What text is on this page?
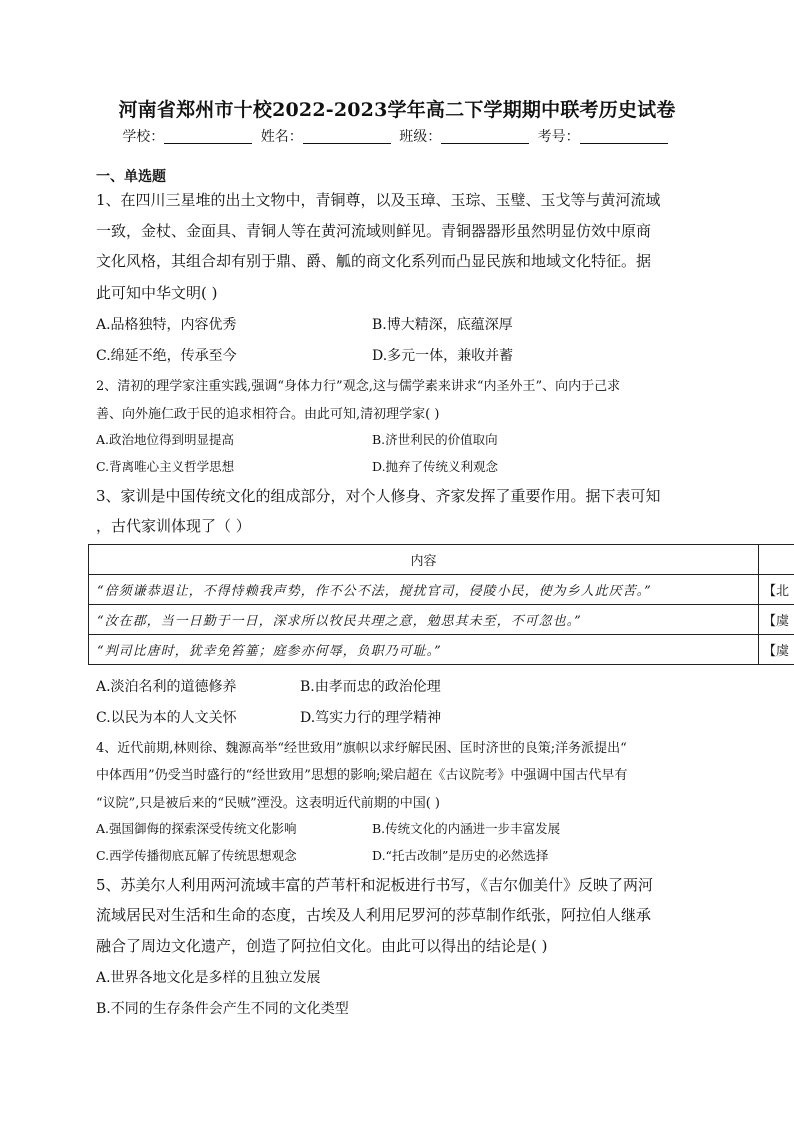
河南省郑州市十校2022-2023学年高二下学期期中联考历史试卷
学校：	姓名：	班级：	考号：
一、单选题
1、在四川三星堆的出土文物中，青铜尊，以及玉璋、玉琮、玉璧、玉戈等与黄河流域
一致，金杖、金面具、青铜人等在黄河流域则鲜见。青铜器器形虽然明显仿效中原商
文化风格，其组合却有别于鼎、爵、觚的商文化系列而凸显民族和地域文化特征。据
此可知中华文明( )
A.品格独特，内容优秀	B.博大精深，底蕴深厚
C.绵延不绝，传承至今	D.多元一体，兼收并蓄
2、清初的理学家注重实践,强调“身体力行”观念,这与儒学素来讲求“内圣外王”、向内于己求
善、向外施仁政于民的追求相符合。由此可知,清初理学家( )
A.政治地位得到明显提高	B.济世利民的价值取向
C.背离唯心主义哲学思想	D.抛弃了传统义利观念
3、家训是中国传统文化的组成部分，对个人修身、齐家发挥了重要作用。据下表可知
，古代家训体现了（ ）
内容	
“倍须谦恭退让，不得恃赖我声势，作不公不法，搅扰官司，侵陵小民，使为乡人此厌苦。”	【北
“汝在郡，当一日勤于一日，深求所以牧民共理之意，勉思其未至，不可忽也。”	【虞
“判司比唐时，犹幸免笞箠；庭参亦何辱，负职乃可耻。”	【虞
A.淡泊名利的道德修养	B.由孝而忠的政治伦理
C.以民为本的人文关怀	D.笃实力行的理学精神
4、近代前期,林则徐、魏源高举“经世致用”旗帜以求纾解民困、匡时济世的良策;洋务派提出“
中体西用”仍受当时盛行的“经世致用”思想的影响;梁启超在《古议院考》中强调中国古代早有
“议院”,只是被后来的“民贼”湮没。这表明近代前期的中国( )
A.强国御侮的探索深受传统文化影响	B.传统文化的内涵进一步丰富发展
C.西学传播彻底瓦解了传统思想观念	D.“托古改制”是历史的必然选择
5、苏美尔人利用两河流域丰富的芦苇杆和泥板进行书写，《吉尔伽美什》反映了两河
流域居民对生活和生命的态度，古埃及人利用尼罗河的莎草制作纸张，阿拉伯人继承
融合了周边文化遗产，创造了阿拉伯文化。由此可以得出的结论是( )
A.世界各地文化是多样的且独立发展
B.不同的生存条件会产生不同的文化类型
